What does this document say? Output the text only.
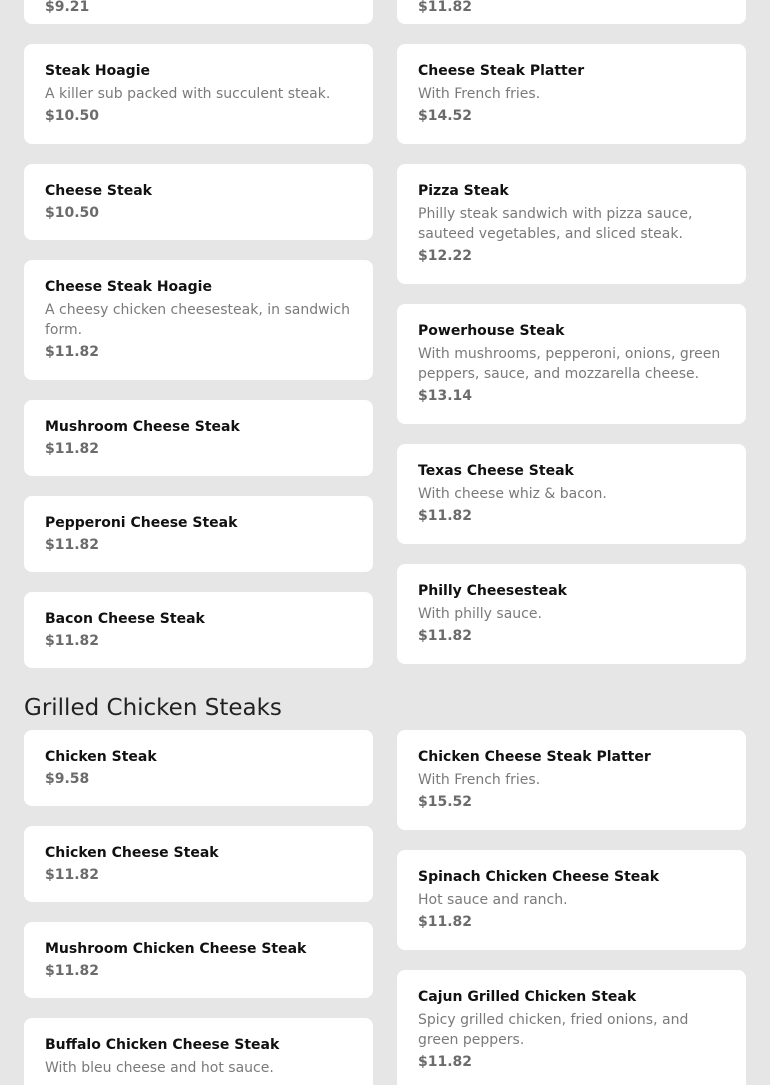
$9.21	$11.82
Steak Hoagie
A killer sub packed with succulent steak.
$10.50
Cheese Steak
$10.50
Cheese Steak Hoagie
A cheesy chicken cheesesteak, in sandwich form.
$11.82
Mushroom Cheese Steak
$11.82
Pepperoni Cheese Steak
$11.82
Bacon Cheese Steak
$11.82
Cheese Steak Platter
With French fries.
$14.52
Pizza Steak
Philly steak sandwich with pizza sauce, sauteed vegetables, and sliced steak.
$12.22
Powerhouse Steak
With mushrooms, pepperoni, onions, green peppers, sauce, and mozzarella cheese.
$13.14
Texas Cheese Steak
With cheese whiz & bacon.
$11.82
Philly Cheesesteak
With philly sauce.
$11.82
Grilled Chicken Steaks
Chicken Steak
$9.58
Chicken Cheese Steak
$11.82
Mushroom Chicken Cheese Steak
$11.82
Buffalo Chicken Cheese Steak
With bleu cheese and hot sauce.
Chicken Cheese Steak Platter
With French fries.
$15.52
Spinach Chicken Cheese Steak
Hot sauce and ranch.
$11.82
Cajun Grilled Chicken Steak
Spicy grilled chicken, fried onions, and green peppers.
$11.82
